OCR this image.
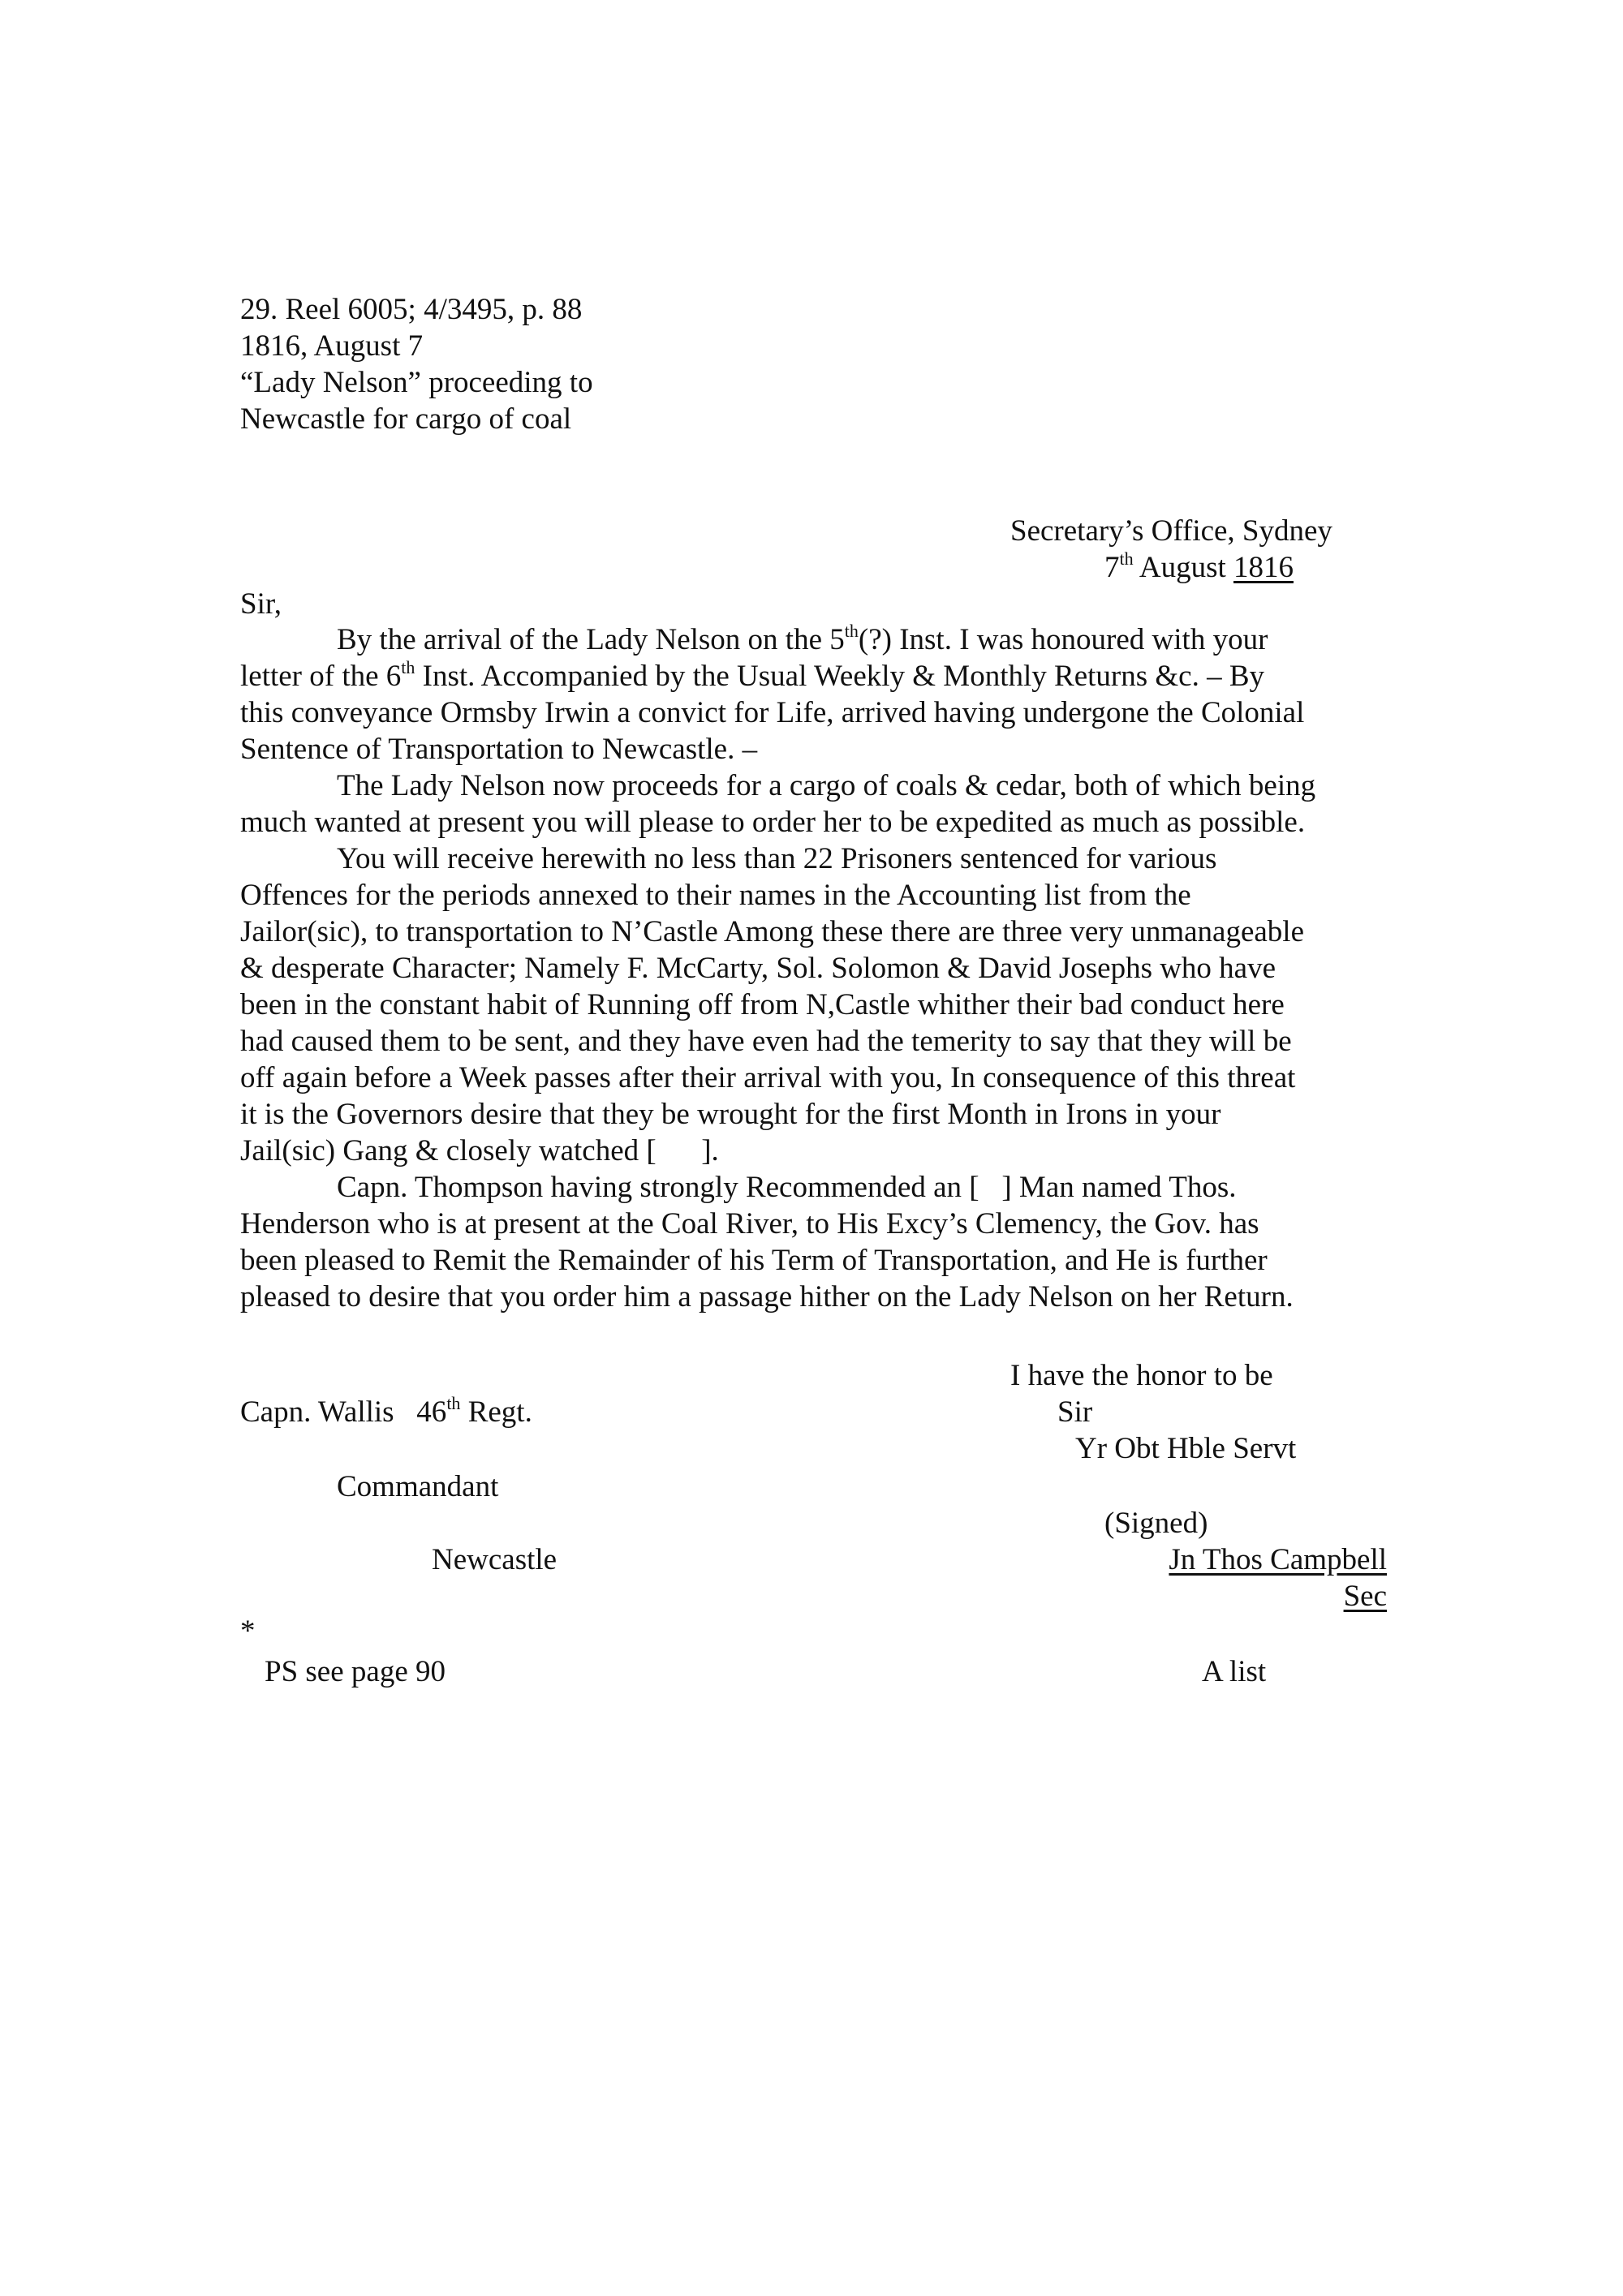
29. Reel 6005; 4/3495, p. 88
1816, August 7
“Lady Nelson” proceeding to
Newcastle for cargo of coal
Secretary’s Office, Sydney
7th August 1816
Sir,
By the arrival of the Lady Nelson on the 5th(?) Inst. I was honoured with your
letter of the 6th Inst. Accompanied by the Usual Weekly & Monthly Returns &c. – By
this conveyance Ormsby Irwin a convict for Life, arrived having undergone the Colonial
Sentence of Transportation to Newcastle. –
The Lady Nelson now proceeds for a cargo of coals & cedar, both of which being
much wanted at present you will please to order her to be expedited as much as possible.
You will receive herewith no less than 22 Prisoners sentenced for various
Offences for the periods annexed to their names in the Accounting list from the
Jailor(sic), to transportation to N’Castle Among these there are three very unmanageable
& desperate Character; Namely F. McCarty, Sol. Solomon & David Josephs who have
been in the constant habit of Running off from N,Castle whither their bad conduct here
had caused them to be sent, and they have even had the temerity to say that they will be
off again before a Week passes after their arrival with you, In consequence of this threat
it is the Governors desire that they be wrought for the first Month in Irons in your
Jail(sic) Gang & closely watched [      ].
Capn. Thompson having strongly Recommended an [   ] Man named Thos.
Henderson who is at present at the Coal River, to His Excy’s Clemency, the Gov. has
been pleased to Remit the Remainder of his Term of Transportation, and He is further
pleased to desire that you order him a passage hither on the Lady Nelson on her Return.
I have the honor to be
Sir
Yr Obt Hble Servt
(Signed)
Jn Thos Campbell
Sec
Capn. Wallis   46th Regt.
Commandant
Newcastle
*
PS see page 90	A list
